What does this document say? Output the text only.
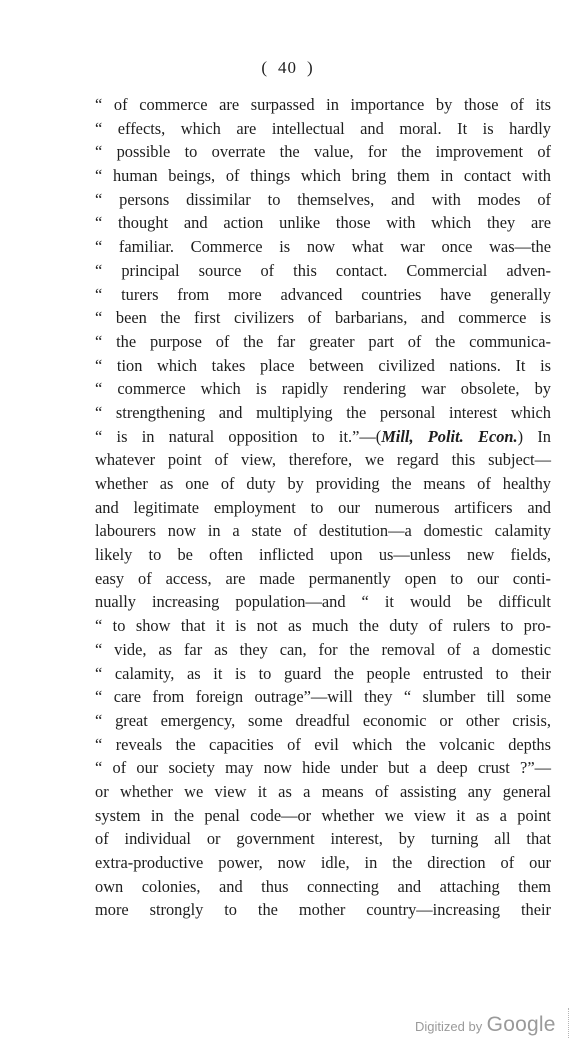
( 40 )
“ of commerce are surpassed in importance by those of its
“ effects, which are intellectual and moral. It is hardly
“ possible to overrate the value, for the improvement of
“ human beings, of things which bring them in contact with
“ persons dissimilar to themselves, and with modes of
“ thought and action unlike those with which they are
“ familiar. Commerce is now what war once was—the
“ principal source of this contact. Commercial adven-
“ turers from more advanced countries have generally
“ been the first civilizers of barbarians, and commerce is
“ the purpose of the far greater part of the communica-
“ tion which takes place between civilized nations. It is
“ commerce which is rapidly rendering war obsolete, by
“ strengthening and multiplying the personal interest which
“ is in natural opposition to it.”—(Mill, Polit. Econ.) In
whatever point of view, therefore, we regard this subject—
whether as one of duty by providing the means of healthy
and legitimate employment to our numerous artificers and
labourers now in a state of destitution—a domestic calamity
likely to be often inflicted upon us—unless new fields,
easy of access, are made permanently open to our conti-
nually increasing population—and “ it would be difficult
“ to show that it is not as much the duty of rulers to pro-
“ vide, as far as they can, for the removal of a domestic
“ calamity, as it is to guard the people entrusted to their
“ care from foreign outrage”—will they “ slumber till some
“ great emergency, some dreadful economic or other crisis,
“ reveals the capacities of evil which the volcanic depths
“ of our society may now hide under but a deep crust ?”—
or whether we view it as a means of assisting any general
system in the penal code—or whether we view it as a point
of individual or government interest, by turning all that
extra-productive power, now idle, in the direction of our
own colonies, and thus connecting and attaching them
more strongly to the mother country—increasing their
Digitized by Google
